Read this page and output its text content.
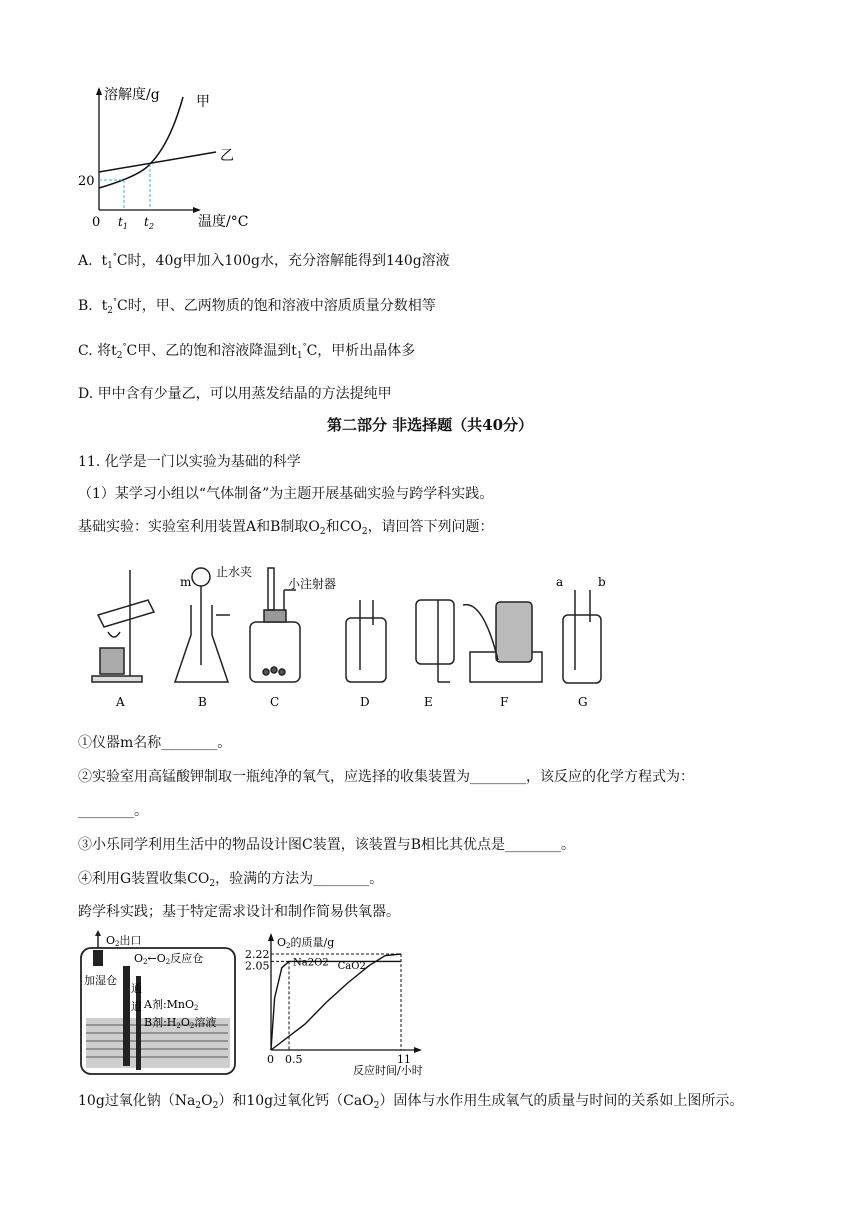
溶解度/g	甲
乙
20
0 $t_1$ $t_2$	温度/°C
A.  $t_1^\circ C$时，40g甲加入100g水，充分溶解能得到140g溶液
B.  $t_2^\circ C$时，甲、乙两物质的饱和溶液中溶质质量分数相等
C. 将$t_2^\circ C$甲、乙的饱和溶液降温到$t_1^\circ C$，甲析出晶体多
D. 甲中含有少量乙，可以用蒸发结晶的方法提纯甲
第二部分 非选择题（共40分）
11. 化学是一门以实验为基础的科学
（1）某学习小组以“气体制备”为主题开展基础实验与跨学科实践。
基础实验：实验室利用装置A和B制取$O_2$和$CO_2$，请回答下列问题：
m
止水夹
小注射器	a	b
A	B	C	D	E	F	G
①仪器m名称________。
②实验室用高锰酸钾制取一瓶纯净的氧气，应选择的收集装置为________，该反应的化学方程式为：
________。
③小乐同学利用生活中的物品设计图C装置，该装置与B相比其优点是________。
④利用G装置收集$CO_2$，验满的方法为________。
跨学科实践；基于特定需求设计和制作简易供氧器。
O2出口
加湿仓
O2←O2反应仓
通
道 A剂:MnO2
B剂:H2O2溶液
O2的质量/g
反应时间/小时
Na2O2 CaO2
2.22
2.05
0 0.5	11
10g过氧化钠$(Na_2O_2)$和10g过氧化钙（CaO$_2$）固体与水作用生成氧气的质量与时间的关系如上图所示。
